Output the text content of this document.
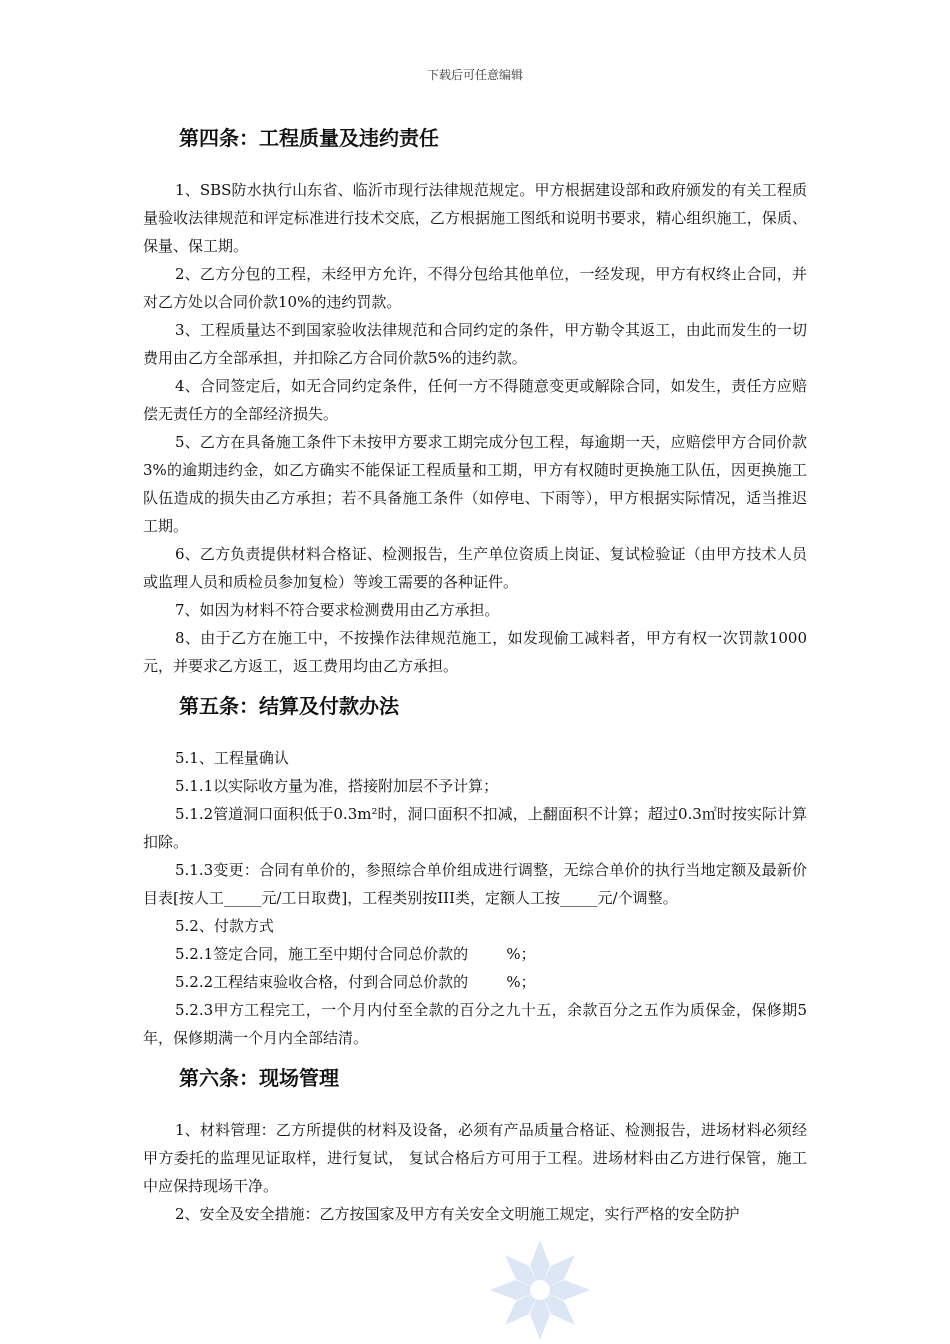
下载后可任意编辑
第四条：工程质量及违约责任

1、SBS防水执行山东省、临沂市现行法律规范规定。甲方根据建设部和政府颁发的有关工程质量验收法律规范和评定标准进行技术交底，乙方根据施工图纸和说明书要求，精心组织施工，保质、保量、保工期。

2、乙方分包的工程，未经甲方允许，不得分包给其他单位，一经发现，甲方有权终止合同，并对乙方处以合同价款10%的违约罚款。

3、工程质量达不到国家验收法律规范和合同约定的条件，甲方勒令其返工，由此而发生的一切费用由乙方全部承担，并扣除乙方合同价款5%的违约款。

4、合同签定后，如无合同约定条件，任何一方不得随意变更或解除合同，如发生，责任方应赔偿无责任方的全部经济损失。

5、乙方在具备施工条件下未按甲方要求工期完成分包工程，每逾期一天，应赔偿甲方合同价款3%的逾期违约金，如乙方确实不能保证工程质量和工期，甲方有权随时更换施工队伍，因更换施工队伍造成的损失由乙方承担；若不具备施工条件（如停电、下雨等），甲方根据实际情况，适当推迟工期。

6、乙方负责提供材料合格证、检测报告，生产单位资质上岗证、复试检验证（由甲方技术人员或监理人员和质检员参加复检）等竣工需要的各种证件。

7、如因为材料不符合要求检测费用由乙方承担。

8、由于乙方在施工中，不按操作法律规范施工，如发现偷工减料者，甲方有权一次罚款1000元，并要求乙方返工，返工费用均由乙方承担。

第五条：结算及付款办法

5.1、工程量确认

5.1.1以实际收方量为准，搭接附加层不予计算；

5.1.2管道洞口面积低于0.3m²时，洞口面积不扣减，上翻面积不计算；超过0.3㎡时按实际计算扣除。

5.1.3变更：合同有单价的，参照综合单价组成进行调整，无综合单价的执行当地定额及最新价目表[按人工_____元/工日取费]，工程类别按III类，定额人工按_____元/个调整。

5.2、付款方式

5.2.1签定合同，施工至中期付合同总价款的        %；

5.2.2工程结束验收合格，付到合同总价款的        %；

5.2.3甲方工程完工，一个月内付至全款的百分之九十五，余款百分之五作为质保金，保修期5年，保修期满一个月内全部结清。

第六条：现场管理

1、材料管理：乙方所提供的材料及设备，必须有产品质量合格证、检测报告，进场材料必须经甲方委托的监理见证取样，进行复试， 复试合格后方可用于工程。进场材料由乙方进行保管，施工中应保持现场干净。

2、安全及安全措施：乙方按国家及甲方有关安全文明施工规定，实行严格的安全防护
